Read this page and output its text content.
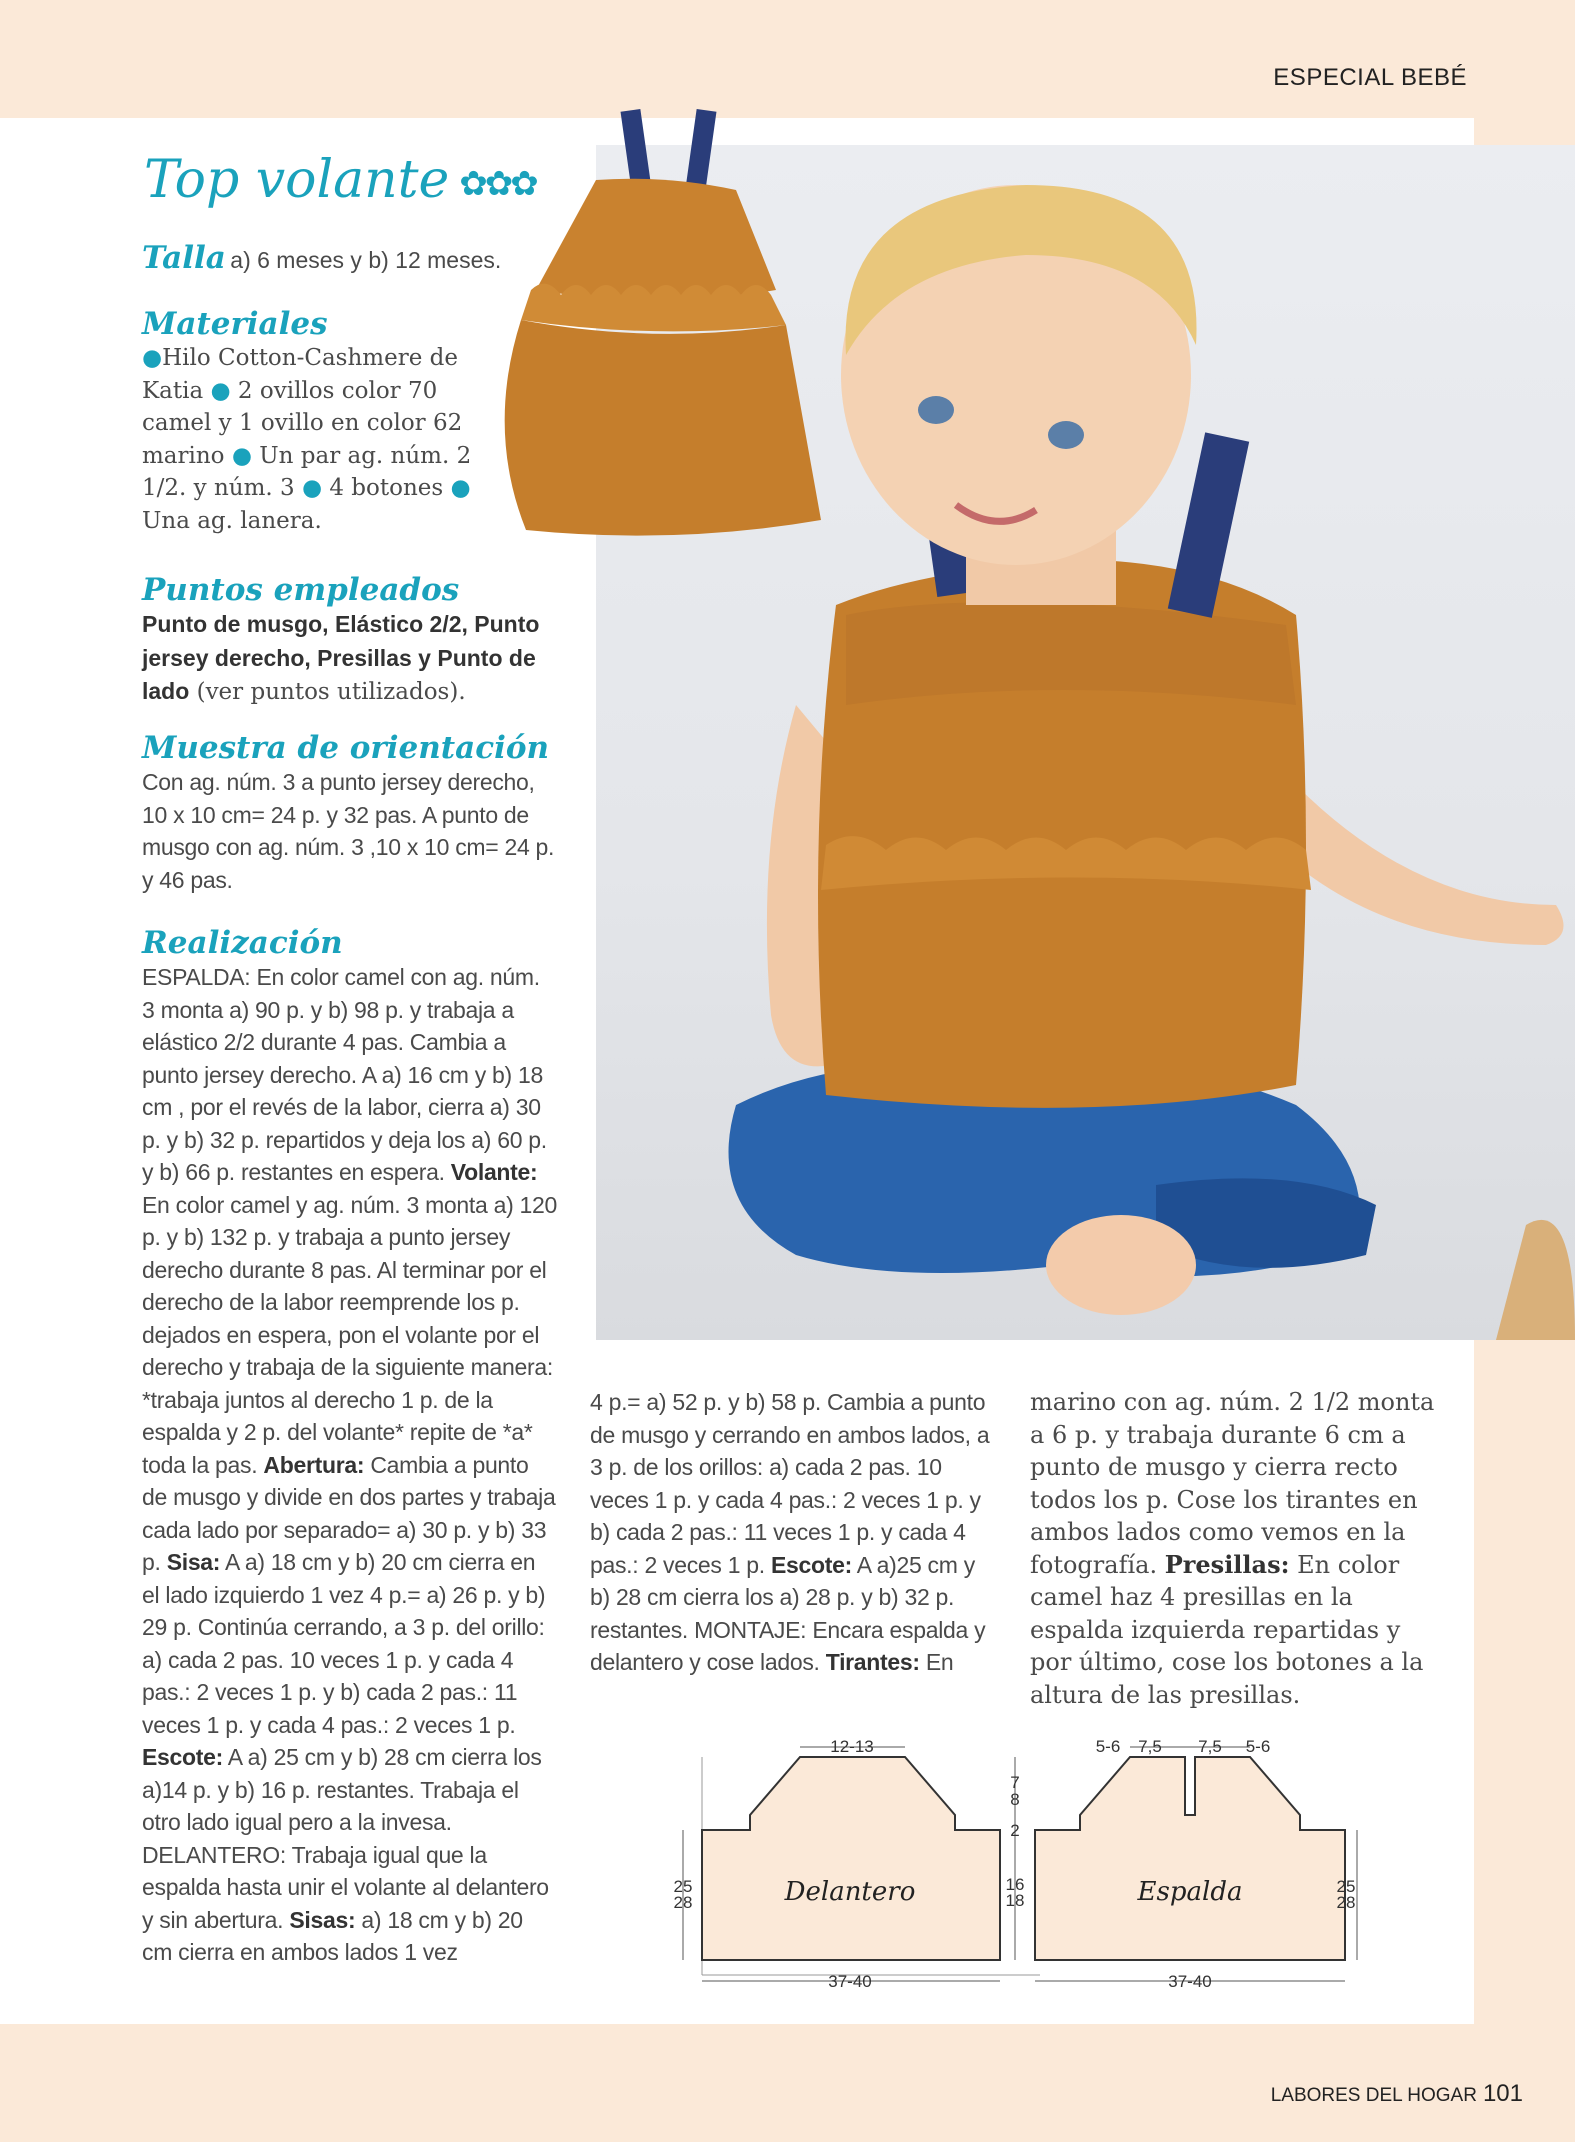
ESPECIAL BEBÉ
Top volante ✿✿✿
Talla a) 6 meses y b) 12 meses.
Materiales
●Hilo Cotton-Cashmere de Katia ● 2 ovillos color 70 camel y 1 ovillo en color 62 marino ● Un par ag. núm. 2 1/2. y núm. 3 ● 4 botones ● Una ag. lanera.
Puntos empleados
Punto de musgo, Elástico 2/2, Punto jersey derecho, Presillas y Punto de lado (ver puntos utilizados).
Muestra de orientación
Con ag. núm. 3 a punto jersey derecho, 10 x 10 cm= 24 p. y 32 pas. A punto de musgo con ag. núm. 3 ,10 x 10 cm= 24 p. y 46 pas.
Realización
ESPALDA: En color camel con ag. núm. 3 monta a) 90 p. y b) 98 p. y trabaja a elástico 2/2 durante 4 pas. Cambia a punto jersey derecho. A a) 16 cm y b) 18 cm , por el revés de la labor, cierra a) 30 p. y b) 32 p. repartidos y deja los a) 60 p. y b) 66 p. restantes en espera. Volante: En color camel y ag. núm. 3 monta a) 120 p. y b) 132 p. y trabaja a punto jersey derecho durante 8 pas. Al terminar por el derecho de la labor reemprende los p. dejados en espera, pon el volante por el derecho y trabaja de la siguiente manera: *trabaja juntos al derecho 1 p. de la espalda y 2 p. del volante* repite de *a* toda la pas. Abertura: Cambia a punto de musgo y divide en dos partes y trabaja cada lado por separado= a) 30 p. y b) 33 p. Sisa: A a) 18 cm y b) 20 cm cierra en el lado izquierdo 1 vez 4 p.= a) 26 p. y b) 29 p. Continúa cerrando, a 3 p. del orillo: a) cada 2 pas. 10 veces 1 p. y cada 4 pas.: 2 veces 1 p. y b) cada 2 pas.: 11 veces 1 p. y cada 4 pas.: 2 veces 1 p. Escote: A a) 25 cm y b) 28 cm cierra los a)14 p. y b) 16 p. restantes. Trabaja el otro lado igual pero a la invesa. DELANTERO: Trabaja igual que la espalda hasta unir el volante al delantero y sin abertura. Sisas: a) 18 cm y b) 20 cm cierra en ambos lados 1 vez
4 p.= a) 52 p. y b) 58 p. Cambia a punto de musgo y cerrando en ambos lados, a 3 p. de los orillos: a) cada 2 pas. 10 veces 1 p. y cada 4 pas.: 2 veces 1 p. y b) cada 2 pas.: 11 veces 1 p. y cada 4 pas.: 2 veces 1 p. Escote: A a)25 cm y b) 28 cm cierra los a) 28 p. y b) 32 p. restantes. MONTAJE: Encara espalda y delantero y cose lados. Tirantes: En
marino con ag. núm. 2 1/2 monta a 6 p. y trabaja durante 6 cm a punto de musgo y cierra recto todos los p. Cose los tirantes en ambos lados como vemos en la fotografía. Presillas: En color camel haz 4 presillas en la espalda izquierda repartidas y por último, cose los botones a la altura de las presillas.
Delantero	Espalda
12-13
37-40	37-40
5-6 7,5 7,5 5-6
25
28
25
28
7
8
2
16
18
LABORES DEL HOGAR 101
